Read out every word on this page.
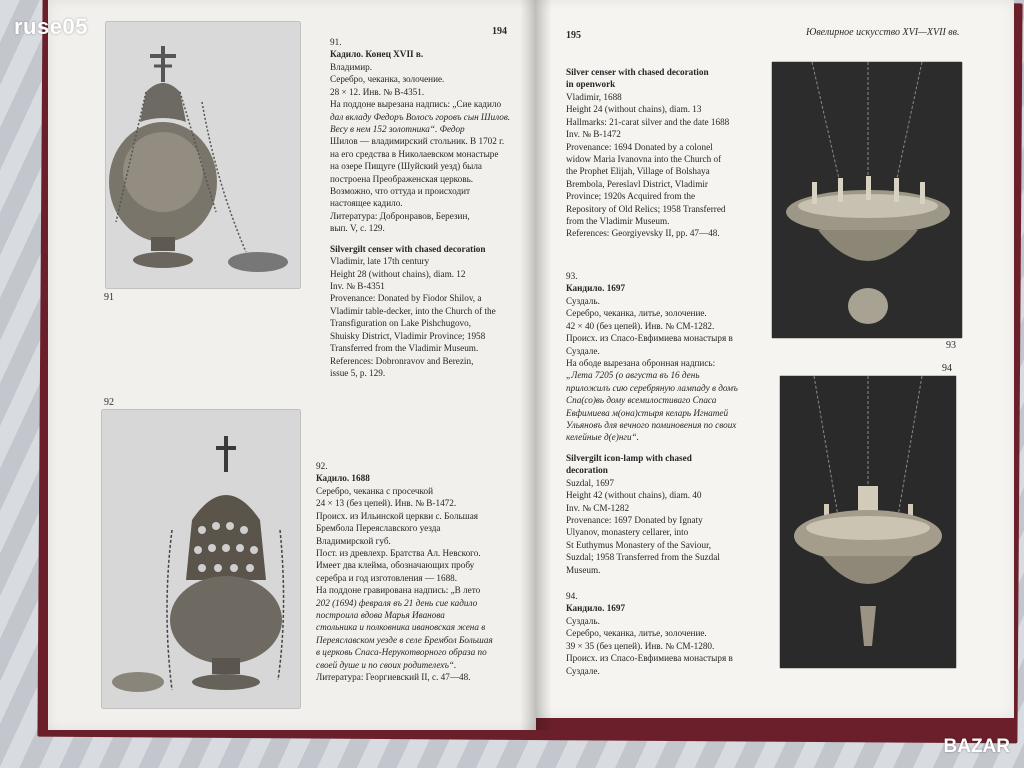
194
91
91.
Кадило. Конец XVII в.
Владимир.
Серебро, чеканка, золочение.
28 × 12. Инв. № В-4351.
На поддоне вырезана надпись: „Сие кадило
дал вкладу Федоръ Волосъ горовъ сын Шилов.
Весу в нем 152 золотника“. Федор
Шилов — владимирский стольник. В 1702 г.
на его средства в Николаевском монастыре
на озере Пищуге (Шуйский уезд) была
построена Преображенская церковь.
Возможно, что оттуда и происходит
настоящее кадило.
Литература: Добронравов, Березин,
вып. V, с. 129.
Silvergilt censer with chased decoration
Vladimir, late 17th century
Height 28 (without chains), diam. 12
Inv. № B-4351
Provenance: Donated by Fiodor Shilov, a
Vladimir table-decker, into the Church of the
Transfiguration on Lake Pishchugovo,
Shuisky District, Vladimir Province; 1958
Transferred from the Vladimir Museum.
References: Dobronravov and Berezin,
issue 5, p. 129.
92
92.
Кадило. 1688
Серебро, чеканка с просечкой
24 × 13 (без цепей). Инв. № В-1472.
Происх. из Ильинской церкви с. Большая
Брембола Переяславского уезда
Владимирской губ.
Пост. из древлехр. Братства Ал. Невского.
Имеет два клейма, обозначающих пробу
серебра и год изготовления — 1688.
На поддоне гравирована надпись: „В лето
202 (1694) февраля въ 21 день сие кадило
построила вдова Марья Иванова
стольника и полковника ивановская жена в
Переяславском уезде в селе Брембол Большая
в церковь Спаса-Нерукотворного образа по
своей душе и по своих родителехъ“.
Литература: Георгиевский II, с. 47—48.
195	Ювелирное искусство XVI—XVII вв.
Silver censer with chased decoration
in openwork
Vladimir, 1688
Height 24 (without chains), diam. 13
Hallmarks: 21-carat silver and the date 1688
Inv. № B-1472
Provenance: 1694 Donated by a colonel
widow Maria Ivanovna into the Church of
the Prophet Elijah, Village of Bolshaya
Brembola, Pereslavl District, Vladimir
Province; 1920s Acquired from the
Repository of Old Relics; 1958 Transferred
from the Vladimir Museum.
References: Georgiyevsky II, pp. 47—48.
93
93.
Кандило. 1697
Суздаль.
Серебро, чеканка, литье, золочение.
42 × 40 (без цепей). Инв. № СМ-1282.
Происх. из Спасо-Евфимиева монастыря в
Суздале.
На ободе вырезана обронная надпись:
„Лета 7205 (о августа въ 16 день
приложилъ сию серебряную лампаду в домъ
Спа(со)вь дому всемилостиваго Спаса
Евфимиева м(она)стыря келарь Игнатей
Ульяновъ для вечного поминовения по своих
келейные д(е)нги“.
Silvergilt icon-lamp with chased
decoration
Suzdal, 1697
Height 42 (without chains), diam. 40
Inv. № CM-1282
Provenance: 1697 Donated by Ignaty
Ulyanov, monastery cellarer, into
St Euthymus Monastery of the Saviour,
Suzdal; 1958 Transferred from the Suzdal
Museum.
94
94.
Кандило. 1697
Суздаль.
Серебро, чеканка, литье, золочение.
39 × 35 (без цепей). Инв. № СМ-1280.
Происх. из Спасо-Евфимиева монастыря в
Суздале.
ruse05
BAZAR
